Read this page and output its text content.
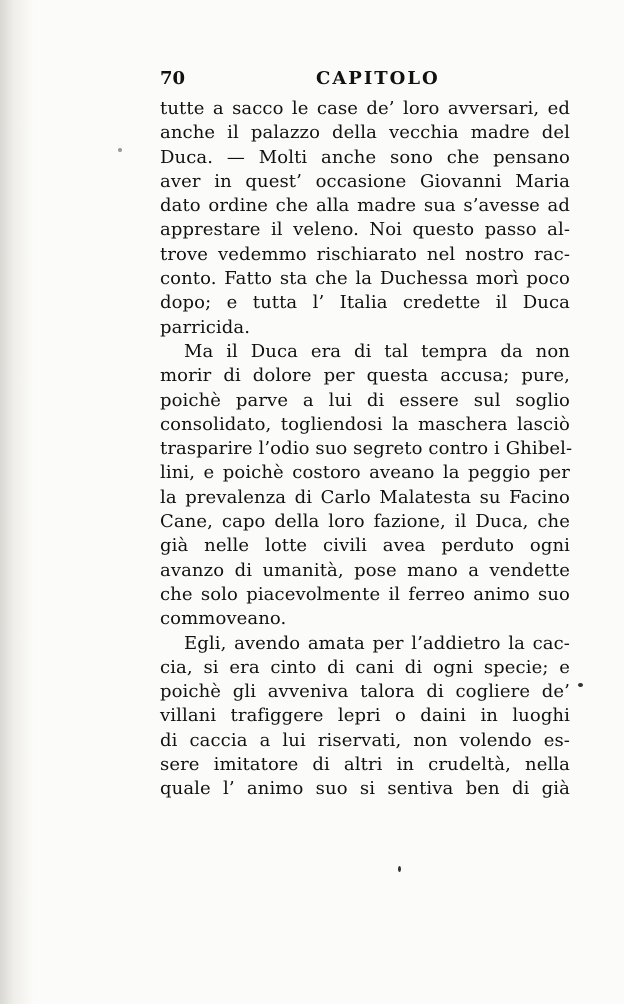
70	CAPITOLO
tutte a sacco le case de’ loro avversari, ed
anche il palazzo della vecchia madre del
Duca. — Molti anche sono che pensano
aver in quest’ occasione Giovanni Maria
dato ordine che alla madre sua s’avesse ad
apprestare il veleno. Noi questo passo al-
trove vedemmo rischiarato nel nostro rac-
conto. Fatto sta che la Duchessa morì poco
dopo; e tutta l’ Italia credette il Duca
parricida.
Ma il Duca era di tal tempra da non
morir di dolore per questa accusa; pure,
poichè parve a lui di essere sul soglio
consolidato, togliendosi la maschera lasciò
trasparire l’odio suo segreto contro i Ghibel-
lini, e poichè costoro aveano la peggio per
la prevalenza di Carlo Malatesta su Facino
Cane, capo della loro fazione, il Duca, che
già nelle lotte civili avea perduto ogni
avanzo di umanità, pose mano a vendette
che solo piacevolmente il ferreo animo suo
commoveano.
Egli, avendo amata per l’addietro la cac-
cia, si era cinto di cani di ogni specie; e
poichè gli avveniva talora di cogliere de’
villani trafiggere lepri o daini in luoghi
di caccia a lui riservati, non volendo es-
sere imitatore di altri in crudeltà, nella
quale l’ animo suo si sentiva ben di già
